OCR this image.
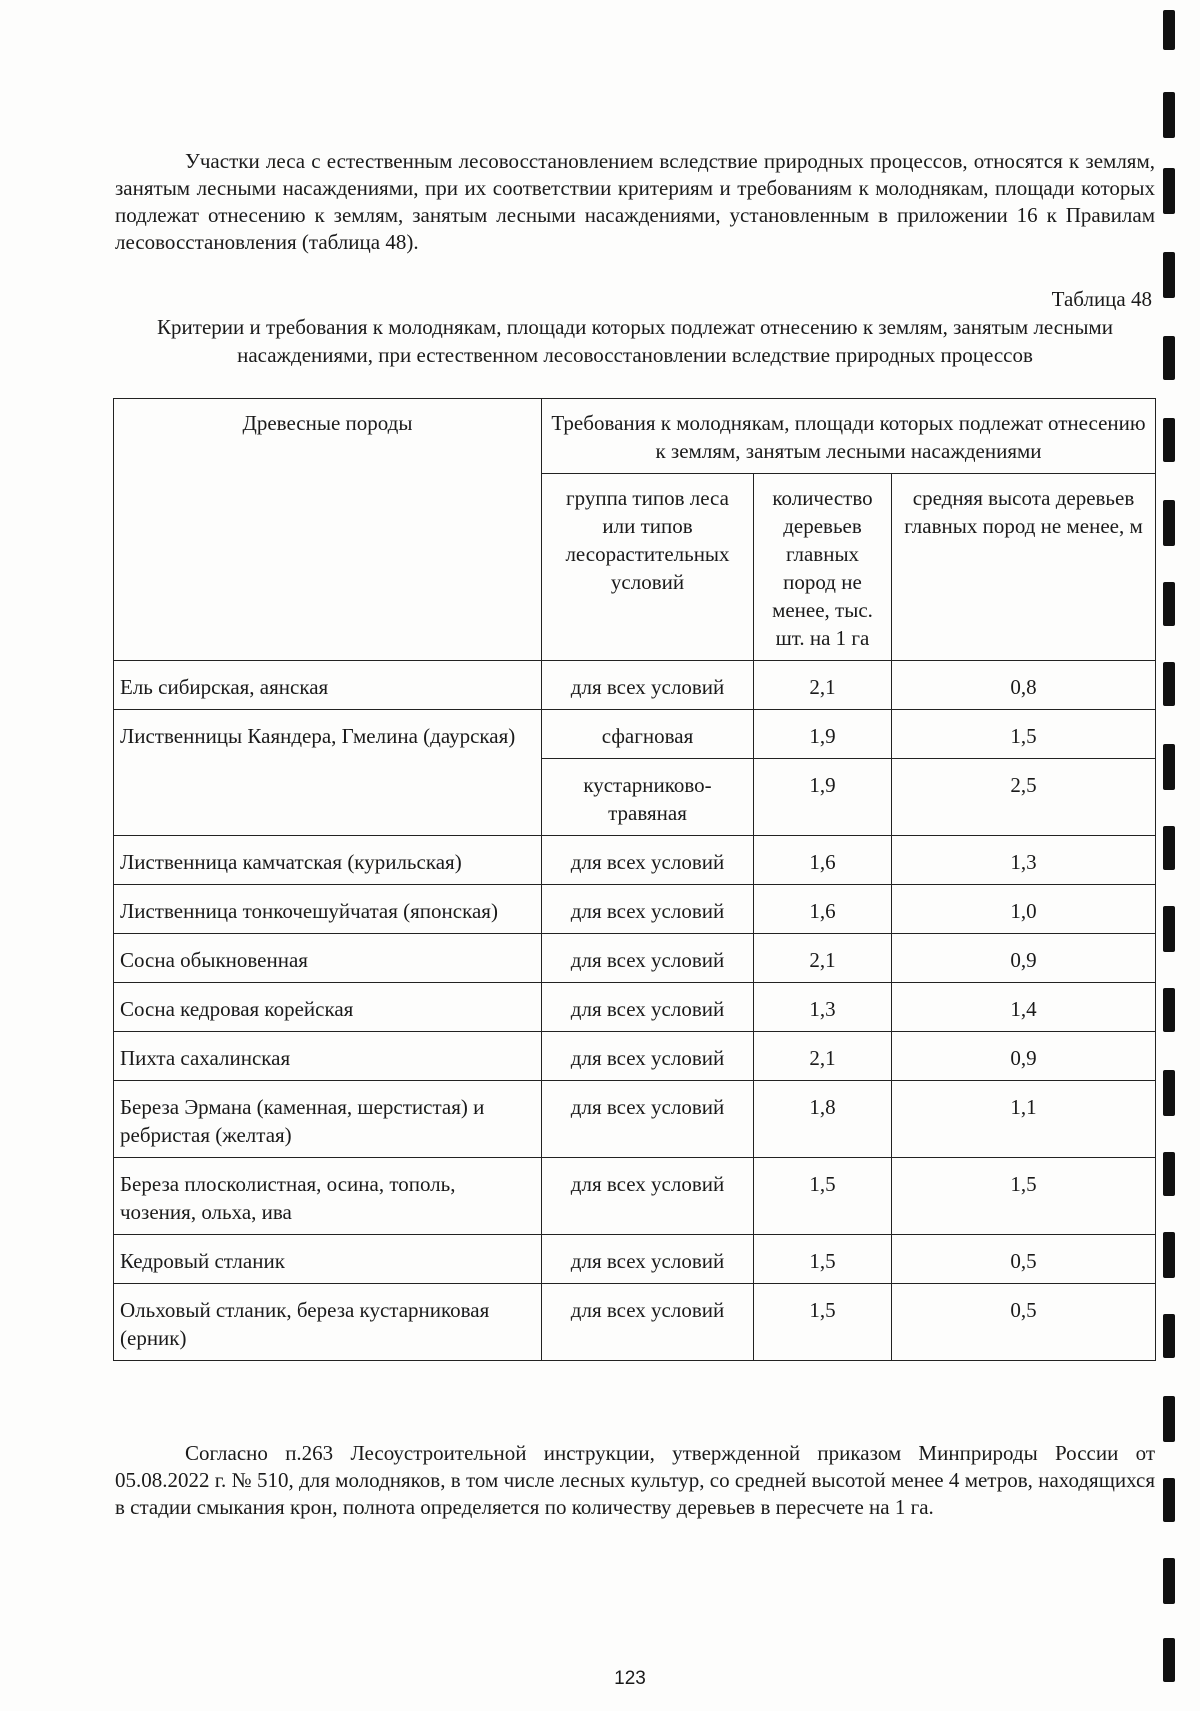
Участки леса с естественным лесовосстановлением вследствие природных процессов, относятся к землям, занятым лесными насаждениями, при их соответствии критериям и требованиям к молоднякам, площади которых подлежат отнесению к землям, занятым лесными насаждениями, установленным в приложении 16 к Правилам лесовосстановления (таблица 48).

Таблица 48
Критерии и требования к молоднякам, площади которых подлежат отнесению к землям, занятым лесными насаждениями, при естественном лесовосстановлении вследствие природных процессов
Древесные породы	Требования к молоднякам, площади которых подлежат отнесению к землям, занятым лесными насаждениями		
	группа типов леса или типов лесорастительных условий	количество деревьев главных пород не менее, тыс. шт. на 1 га	средняя высота деревьев главных пород не менее, м
Ель сибирская, аянская	для всех условий	2,1	0,8
Лиственницы Каяндера, Гмелина (даурская)	сфагновая	1,9	1,5
	кустарниково-травяная	1,9	2,5
Лиственница камчатская (курильская)	для всех условий	1,6	1,3
Лиственница тонкочешуйчатая (японская)	для всех условий	1,6	1,0
Сосна обыкновенная	для всех условий	2,1	0,9
Сосна кедровая корейская	для всех условий	1,3	1,4
Пихта сахалинская	для всех условий	2,1	0,9
Береза Эрмана (каменная, шерстистая) и ребристая (желтая)	для всех условий	1,8	1,1
Береза плосколистная, осина, тополь, чозения, ольха, ива	для всех условий	1,5	1,5
Кедровый стланик	для всех условий	1,5	0,5
Ольховый стланик, береза кустарниковая (ерник)	для всех условий	1,5	0,5

Согласно п.263 Лесоустроительной инструкции, утвержденной приказом Минприроды России от 05.08.2022 г. № 510, для молодняков, в том числе лесных культур, со средней высотой менее 4 метров, находящихся в стадии смыкания крон, полнота определяется по количеству деревьев в пересчете на 1 га.

123
